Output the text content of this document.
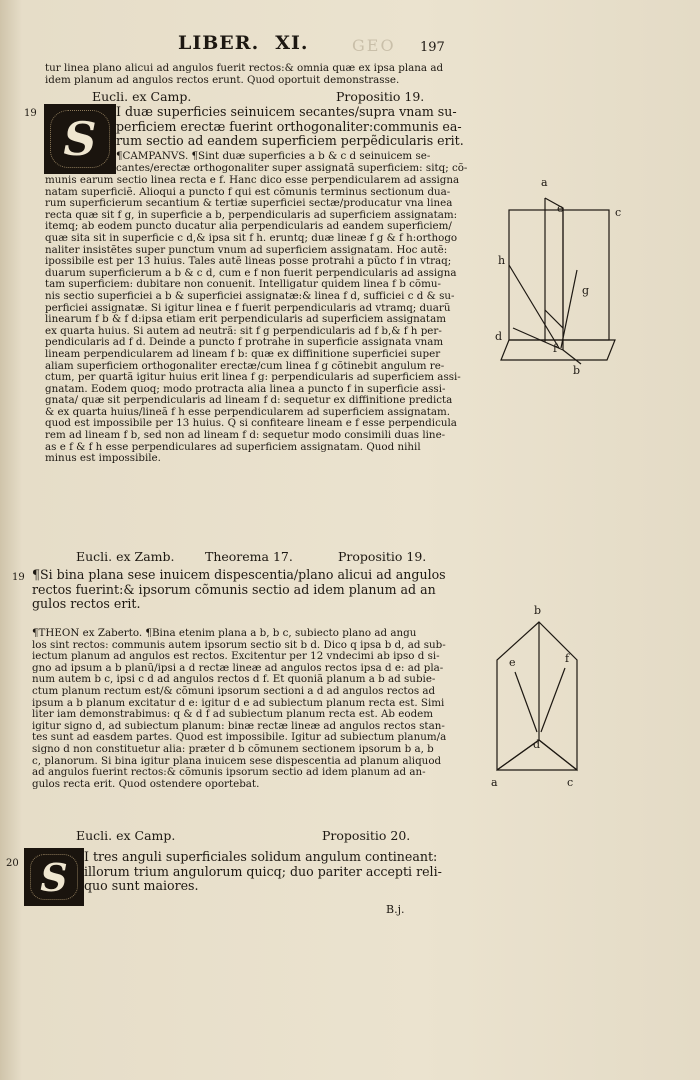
LIBER. XI.	GEO 197
tur linea plano alicui ad angulos fuerit rectos:& omnia quæ ex ipsa plana ad
idem planum ad angulos rectos erunt. Quod oportuit demonstrasse.
Eucli. ex Camp.	Propositio 19.
19 S
I duæ superficies seinuicem secantes/supra vnam su-
perficiem erectæ fuerint orthogonaliter:communis ea-
rum sectio ad eandem superficiem perpẽdicularis erit.
¶CAMPANVS. ¶Sint duæ superficies a b & c d seinuicem se-
cantes/erectæ orthogonaliter super assignatã superficiem: sitq; cõ-
munis earum sectio linea recta e f. Hanc dico esse perpendicularem ad assigna
natam superficiẽ. Alioqui a puncto f qui est cõmunis terminus sectionum dua-
rum superficierum secantium & tertiæ superficiei sectæ/producatur vna linea
recta quæ sit f g, in superficie a b, perpendicularis ad superficiem assignatam:
itemq; ab eodem puncto ducatur alia perpendicularis ad eandem superficiem/
quæ sita sit in superficie c d,& ipsa sit f h. eruntq; duæ lineæ f g & f h:orthogo
naliter insistẽtes super punctum vnum ad superficiem assignatam. Hoc autẽ:
ipossibile est per 13 huius. Tales autẽ lineas posse protrahi a pũcto f in vtraq;
duarum superficierum a b & c d, cum e f non fuerit perpendicularis ad assigna
tam superficiem: dubitare non conuenit. Intelligatur quidem linea f b cõmu-
nis sectio superficiei a b & superficiei assignatæ:& linea f d, sufficiei c d & su-
perficiei assignatæ. Si igitur linea e f fuerit perpendicularis ad vtramq; duarũ
linearum f b & f d:ipsa etiam erit perpendicularis ad superficiem assignatam
ex quarta huius. Si autem ad neutrã: sit f g perpendicularis ad f b,& f h per-
pendicularis ad f d. Deinde a puncto f protrahe in superficie assignata vnam
lineam perpendicularem ad lineam f b: quæ ex diffinitione superficiei super
aliam superficiem orthogonaliter erectæ/cum linea f g cõtinebit angulum re-
ctum, per quartã igitur huius erit linea f g: perpendicularis ad superficiem assi-
gnatam. Eodem quoq; modo protracta alia linea a puncto f in superficie assi-
gnata/ quæ sit perpendicularis ad lineam f d: sequetur ex diffinitione predicta
& ex quarta huius/lineã f h esse perpendicularem ad superficiem assignatam.
quod est impossibile per 13 huius. Q̃ si confiteare lineam e f esse perpendicula
rem ad lineam f b, sed non ad lineam f d: sequetur modo consimili duas line-
as e f & f h esse perpendiculares ad superficiem assignatam. Quod nihil
minus est impossibile.
Eucli. ex Zamb. Theorema 17.	Propositio 19.
19 ¶Si bina plana sese inuicem dispescentia/plano alicui ad angulos
rectos fuerint:& ipsorum cõmunis sectio ad idem planum ad an
gulos rectos erit.
¶THEON ex Zaberto. ¶Bina etenim plana a b, b c, subiecto plano ad angu
los sint rectos: communis autem ipsorum sectio sit b d. Dico q ipsa b d, ad sub-
iectum planum ad angulos est rectos. Excitentur per 12 vndecimi ab ipso d si-
gno ad ipsum a b planũ/ipsi a d rectæ lineæ ad angulos rectos ipsa d e: ad pla-
num autem b c, ipsi c d ad angulos rectos d f. Et quoniã planum a b ad subie-
ctum planum rectum est/& cõmuni ipsorum sectioni a d ad angulos rectos ad
ipsum a b planum excitatur d e: igitur d e ad subiectum planum recta est. Simi
liter iam demonstrabimus: q & d f ad subiectum planum recta est. Ab eodem
igitur signo d, ad subiectum planum: binæ rectæ lineæ ad angulos rectos stan-
tes sunt ad easdem partes. Quod est impossibile. Igitur ad subiectum planum/a
signo d non constituetur alia: præter d b cõmunem sectionem ipsorum b a, b
c, planorum. Si bina igitur plana inuicem sese dispescentia ad planum aliquod
ad angulos fuerint rectos:& cõmunis ipsorum sectio ad idem planum ad an-
gulos recta erit. Quod ostendere oportebat.
Eucli. ex Camp.	Propositio 20.
20 S I tres anguli superficiales solidum angulum contineant:
illorum trium angulorum quicq; duo pariter accepti reli-
quo sunt maiores.
B.j.
a
e	c
h
g
d
f
b
b
e	f
d
a	c
